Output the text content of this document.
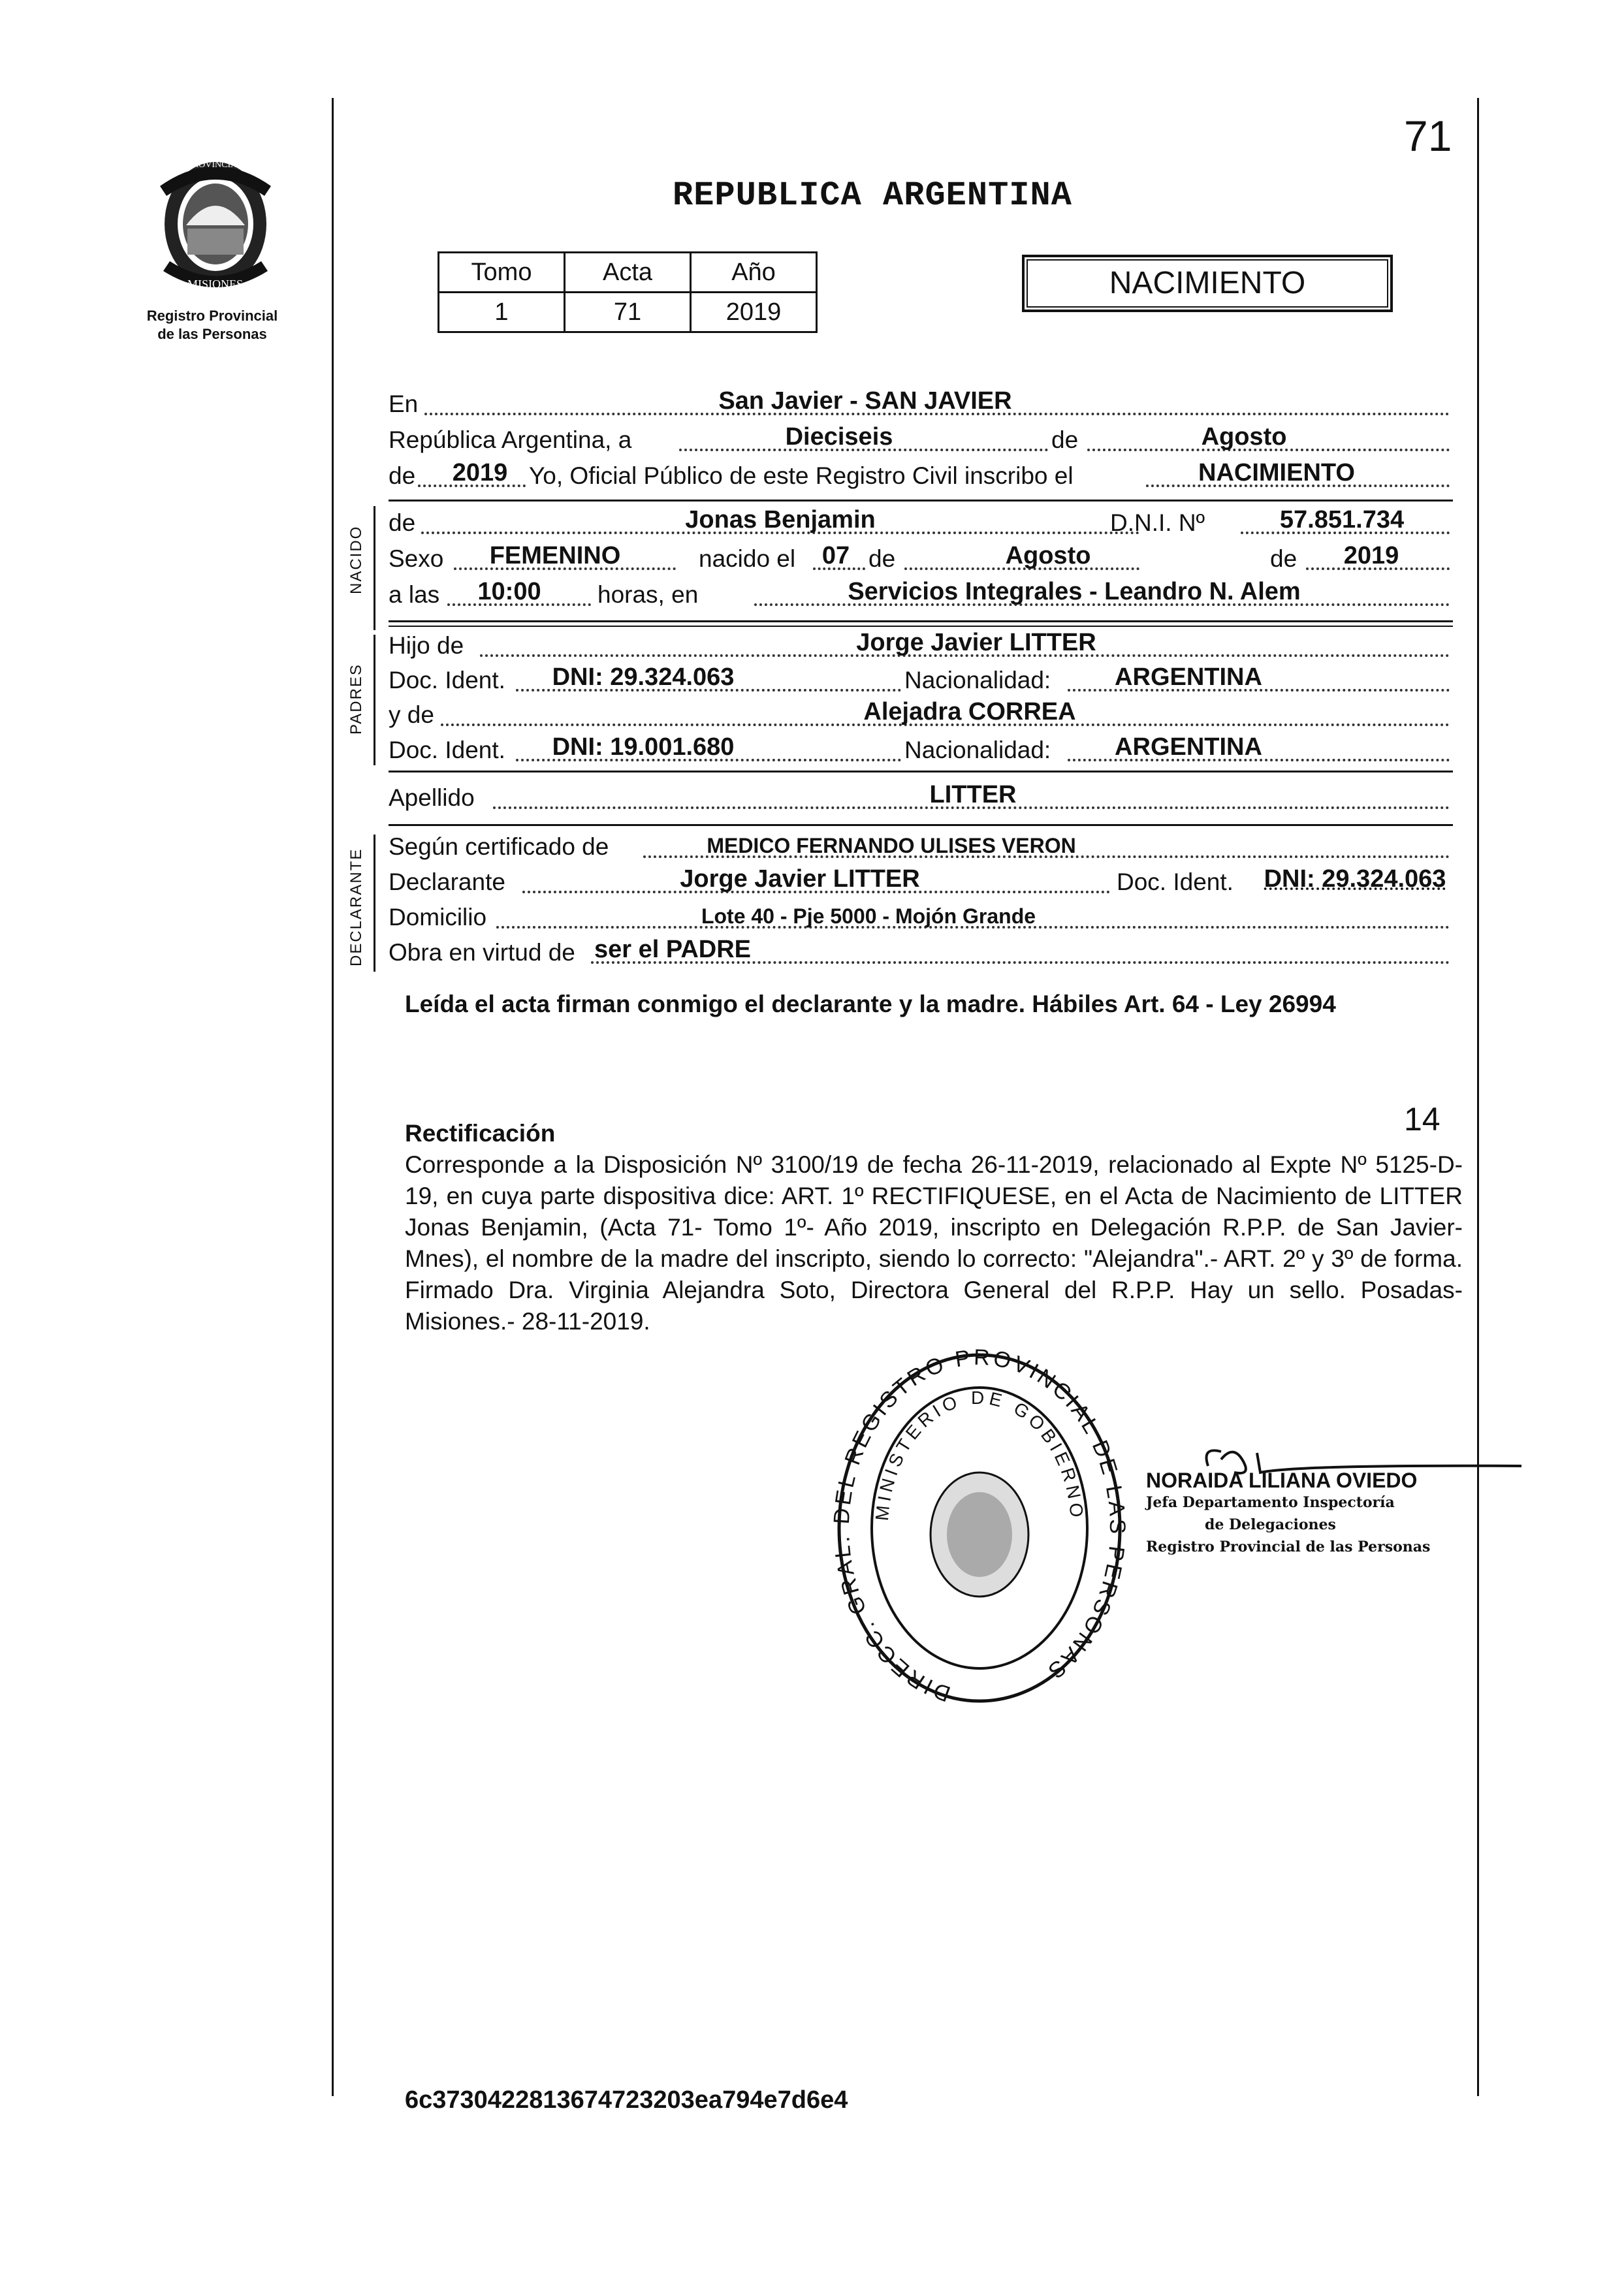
PROVINCIA DE
MISIONES
Registro Provincial
de las Personas
71
REPUBLICA ARGENTINA
Tomo	Acta	Año
1	71	2019
NACIMIENTO
En	San Javier - SAN JAVIER
República Argentina, a	Dieciseis	de	Agosto
de 2019 Yo, Oficial Público de este Registro Civil inscribo el	NACIMIENTO
NACIDO
de	Jonas Benjamin	D.N.I. Nº	57.851.734
Sexo FEMENINO	nacido el 07 de	Agosto	de 2019
a las 10:00 horas, en	Servicios Integrales - Leandro N. Alem
PADRES
Hijo de	Jorge Javier LITTER
Doc. Ident. DNI: 29.324.063	Nacionalidad:	ARGENTINA
y de	Alejadra CORREA
Doc. Ident. DNI: 19.001.680	Nacionalidad:	ARGENTINA
Apellido	LITTER
DECLARANTE
Según certificado de	MEDICO FERNANDO ULISES VERON
Declarante	Jorge Javier LITTER	Doc. Ident. DNI: 29.324.063
Domicilio	Lote 40 - Pje 5000 - Mojón Grande
Obra en virtud de ser el PADRE
Leída el acta firman conmigo el declarante y la madre. Hábiles Art. 64 - Ley 26994
14
Rectificación
Corresponde a la Disposición Nº 3100/19 de fecha 26-11-2019, relacionado al Expte Nº 5125-D-19, en cuya parte dispositiva dice: ART. 1º RECTIFIQUESE, en el Acta de Nacimiento de LITTER Jonas Benjamin, (Acta 71- Tomo 1º- Año 2019, inscripto en Delegación R.P.P. de San Javier-Mnes), el nombre de la madre del inscripto, siendo lo correcto: "Alejandra".- ART. 2º y 3º de forma. Firmado Dra. Virginia Alejandra Soto, Directora General del R.P.P. Hay un sello. Posadas- Misiones.- 28-11-2019.
DIRECC. GRAL. DEL REGISTRO PROVINCIAL DE LAS PERSONAS
MINISTERIO DE GOBIERNO
NORAIDA LILIANA OVIEDO
Jefa Departamento Inspectoría
de Delegaciones
Registro Provincial de las Personas
6c3730422813674723203ea794e7d6e4
